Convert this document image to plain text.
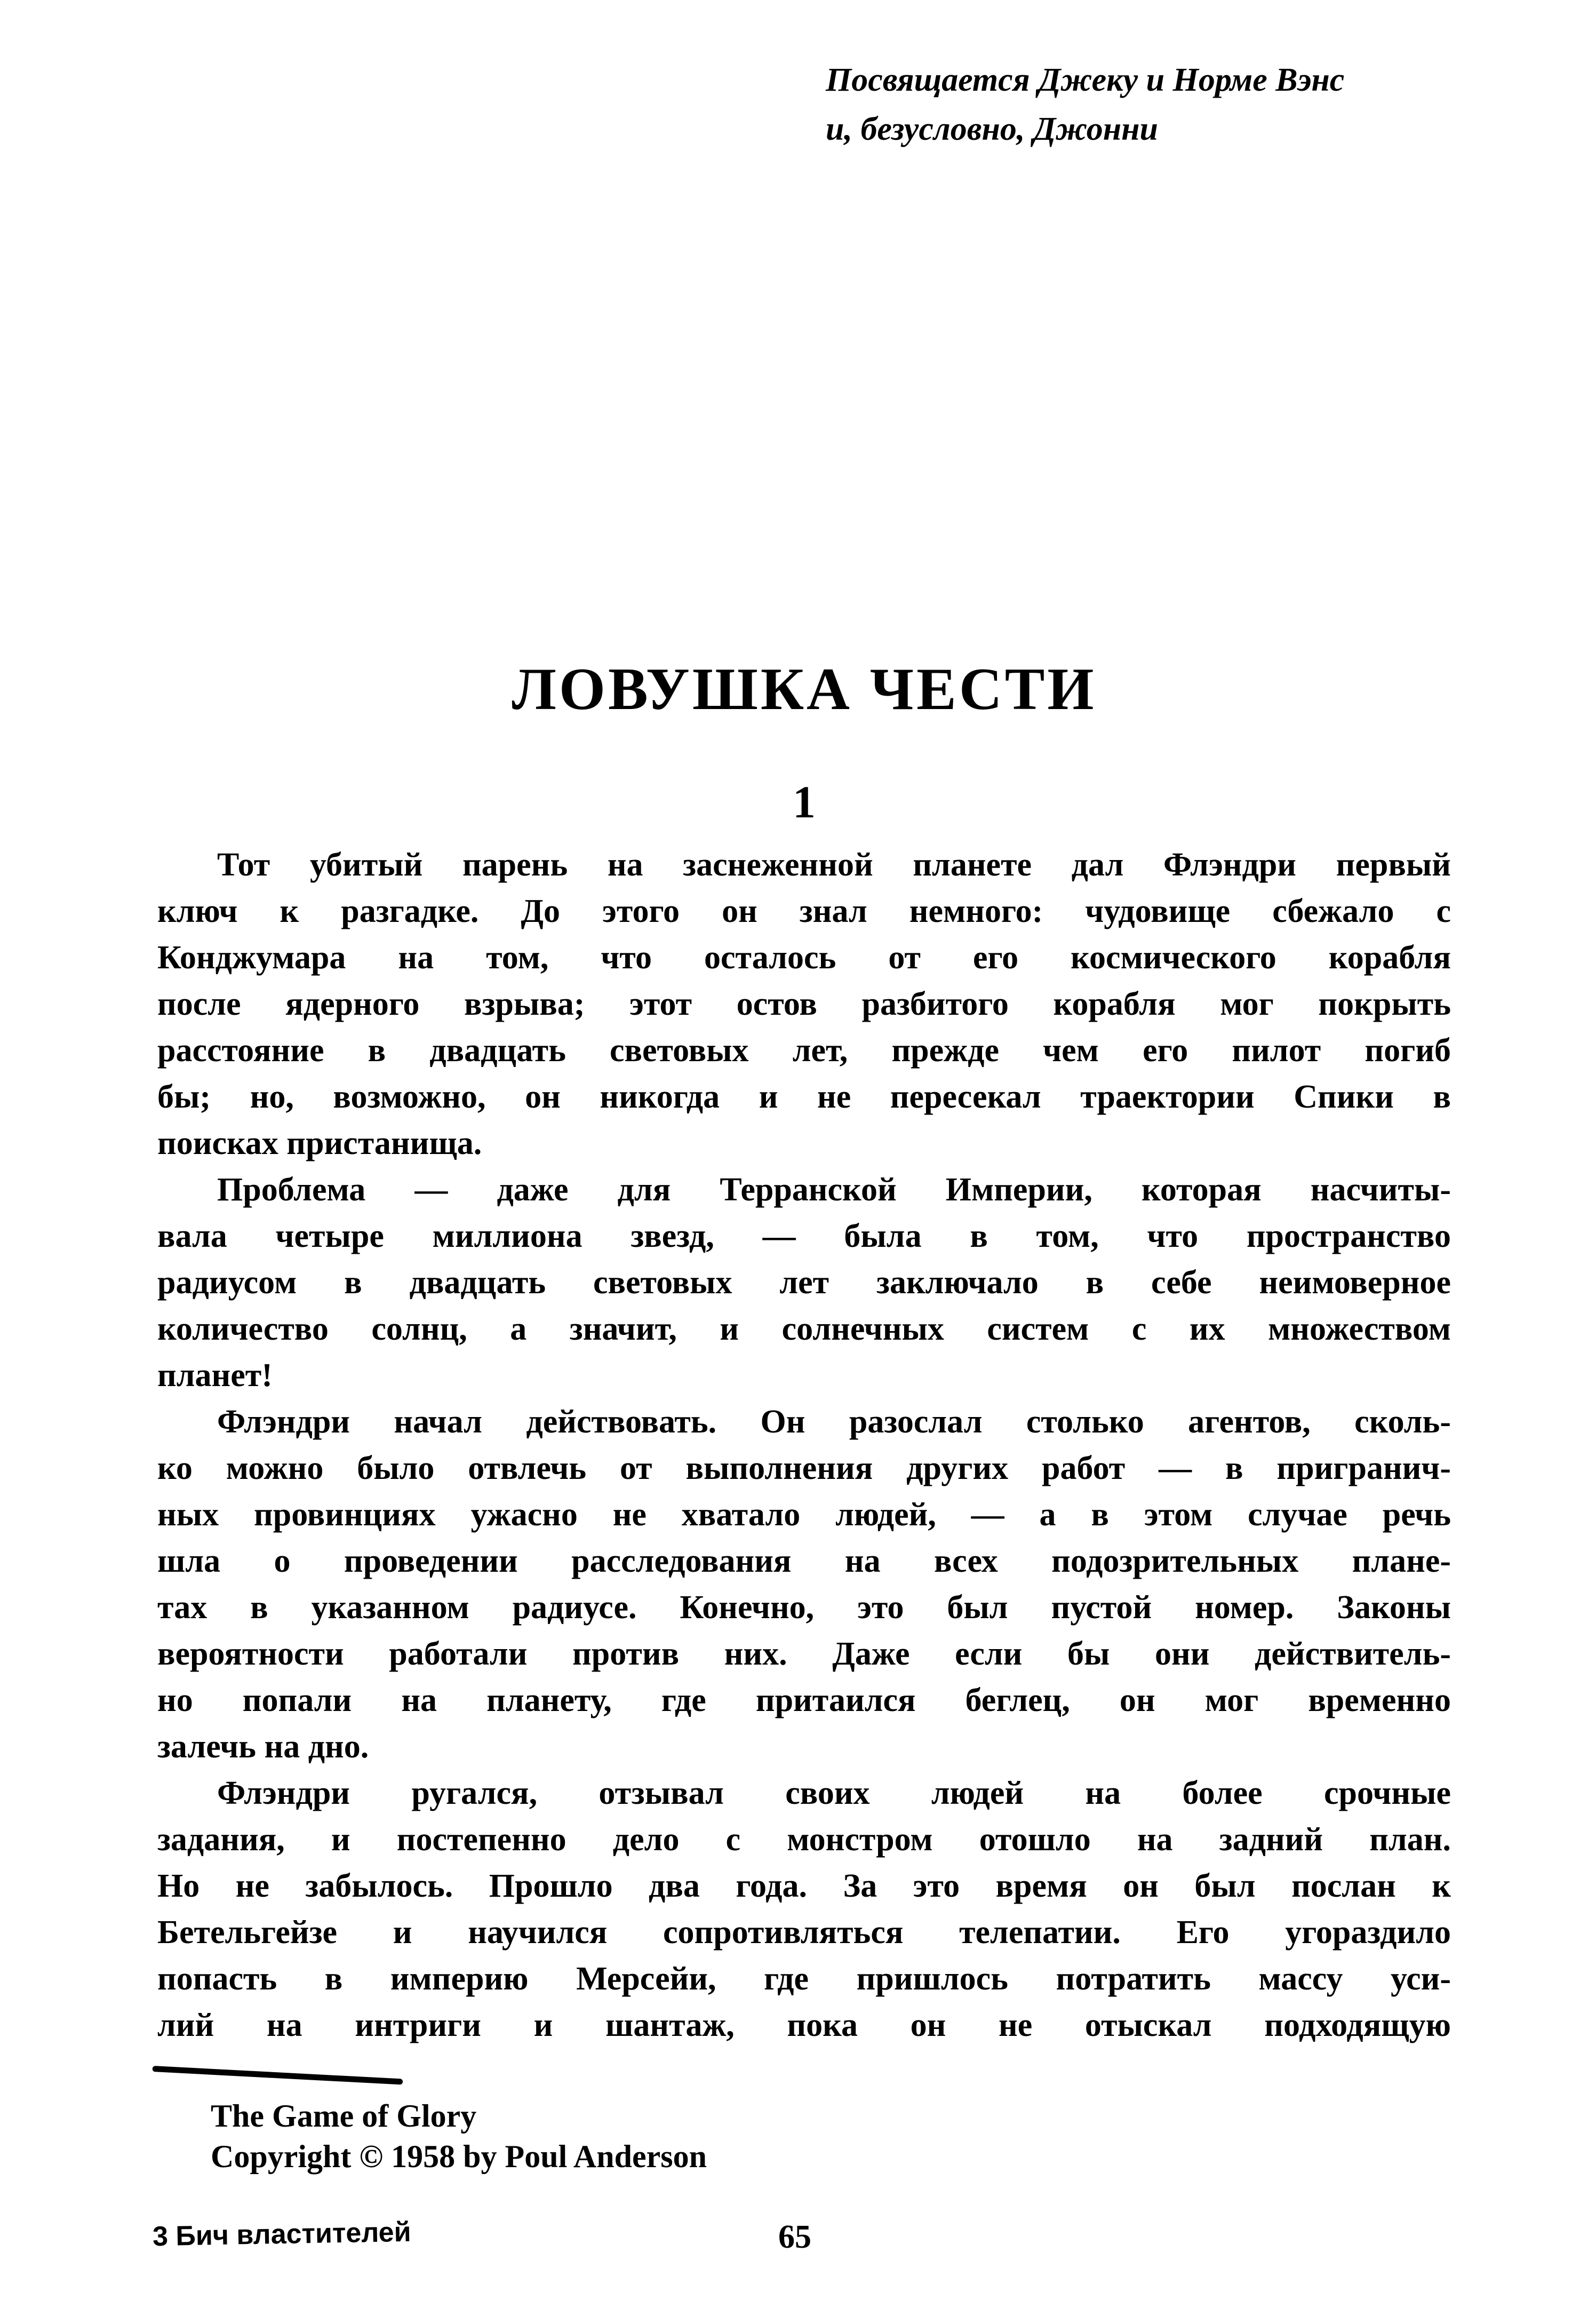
Посвящается Джеку и Норме Вэнс
и, безусловно, Джонни
ЛОВУШКА ЧЕСТИ
1
Тот убитый парень на заснеженной планете дал Флэндри первый
ключ к разгадке. До этого он знал немного: чудовище сбежало с
Конджумара на том, что осталось от его космического корабля
после ядерного взрыва; этот остов разбитого корабля мог покрыть
расстояние в двадцать световых лет, прежде чем его пилот погиб
бы; но, возможно, он никогда и не пересекал траектории Спики в
поисках пристанища.
Проблема — даже для Терранской Империи, которая насчиты-
вала четыре миллиона звезд, — была в том, что пространство
радиусом в двадцать световых лет заключало в себе неимоверное
количество солнц, а значит, и солнечных систем с их множеством
планет!
Флэндри начал действовать. Он разослал столько агентов, сколь-
ко можно было отвлечь от выполнения других работ — в пригранич-
ных провинциях ужасно не хватало людей, — а в этом случае речь
шла о проведении расследования на всех подозрительных плане-
тах в указанном радиусе. Конечно, это был пустой номер. Законы
вероятности работали против них. Даже если бы они действитель-
но попали на планету, где притаился беглец, он мог временно
залечь на дно.
Флэндри ругался, отзывал своих людей на более срочные
задания, и постепенно дело с монстром отошло на задний план.
Но не забылось. Прошло два года. За это время он был послан к
Бетельгейзе и научился сопротивляться телепатии. Его угораздило
попасть в империю Мерсейи, где пришлось потратить массу уси-
лий на интриги и шантаж, пока он не отыскал подходящую
The Game of Glory
Copyright © 1958 by Poul Anderson
3 Бич властителей	65
